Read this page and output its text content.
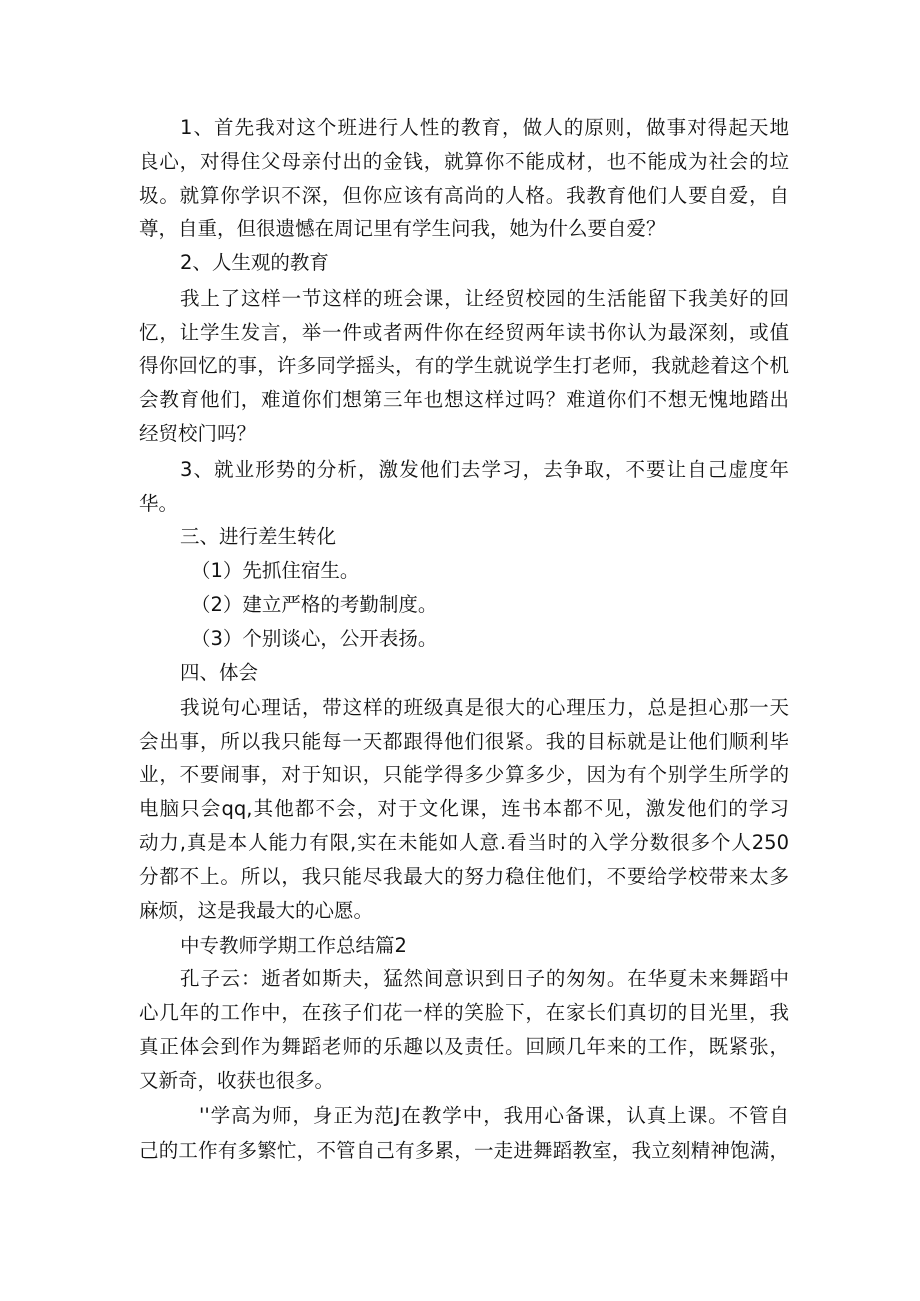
1、首先我对这个班进行人性的教育，做人的原则，做事对得起天地
良心，对得住父母亲付出的金钱，就算你不能成材，也不能成为社会的垃
圾。就算你学识不深，但你应该有高尚的人格。我教育他们人要自爱，自
尊，自重，但很遗憾在周记里有学生问我，她为什么要自爱？
2、人生观的教育
我上了这样一节这样的班会课，让经贸校园的生活能留下我美好的回
忆，让学生发言，举一件或者两件你在经贸两年读书你认为最深刻，或值
得你回忆的事，许多同学摇头，有的学生就说学生打老师，我就趁着这个机
会教育他们，难道你们想第三年也想这样过吗？难道你们不想无愧地踏出
经贸校门吗？
3、就业形势的分析，激发他们去学习，去争取，不要让自己虚度年
华。
三、进行差生转化
（1）先抓住宿生。
（2）建立严格的考勤制度。
（3）个别谈心，公开表扬。
四、体会
我说句心理话，带这样的班级真是很大的心理压力，总是担心那一天
会出事，所以我只能每一天都跟得他们很紧。我的目标就是让他们顺利毕
业，不要闹事，对于知识，只能学得多少算多少，因为有个别学生所学的
电脑只会qq,其他都不会，对于文化课，连书本都不见，激发他们的学习
动力,真是本人能力有限,实在未能如人意.看当时的入学分数很多个人250
分都不上。所以，我只能尽我最大的努力稳住他们，不要给学校带来太多
麻烦，这是我最大的心愿。
中专教师学期工作总结篇2
孔子云：逝者如斯夫，猛然间意识到日子的匆匆。在华夏未来舞蹈中
心几年的工作中，在孩子们花一样的笑脸下，在家长们真切的目光里，我
真正体会到作为舞蹈老师的乐趣以及责任。回顾几年来的工作，既紧张，
又新奇，收获也很多。
''学高为师，身正为范J在教学中，我用心备课，认真上课。不管自
己的工作有多繁忙，不管自己有多累，一走进舞蹈教室，我立刻精神饱满，
